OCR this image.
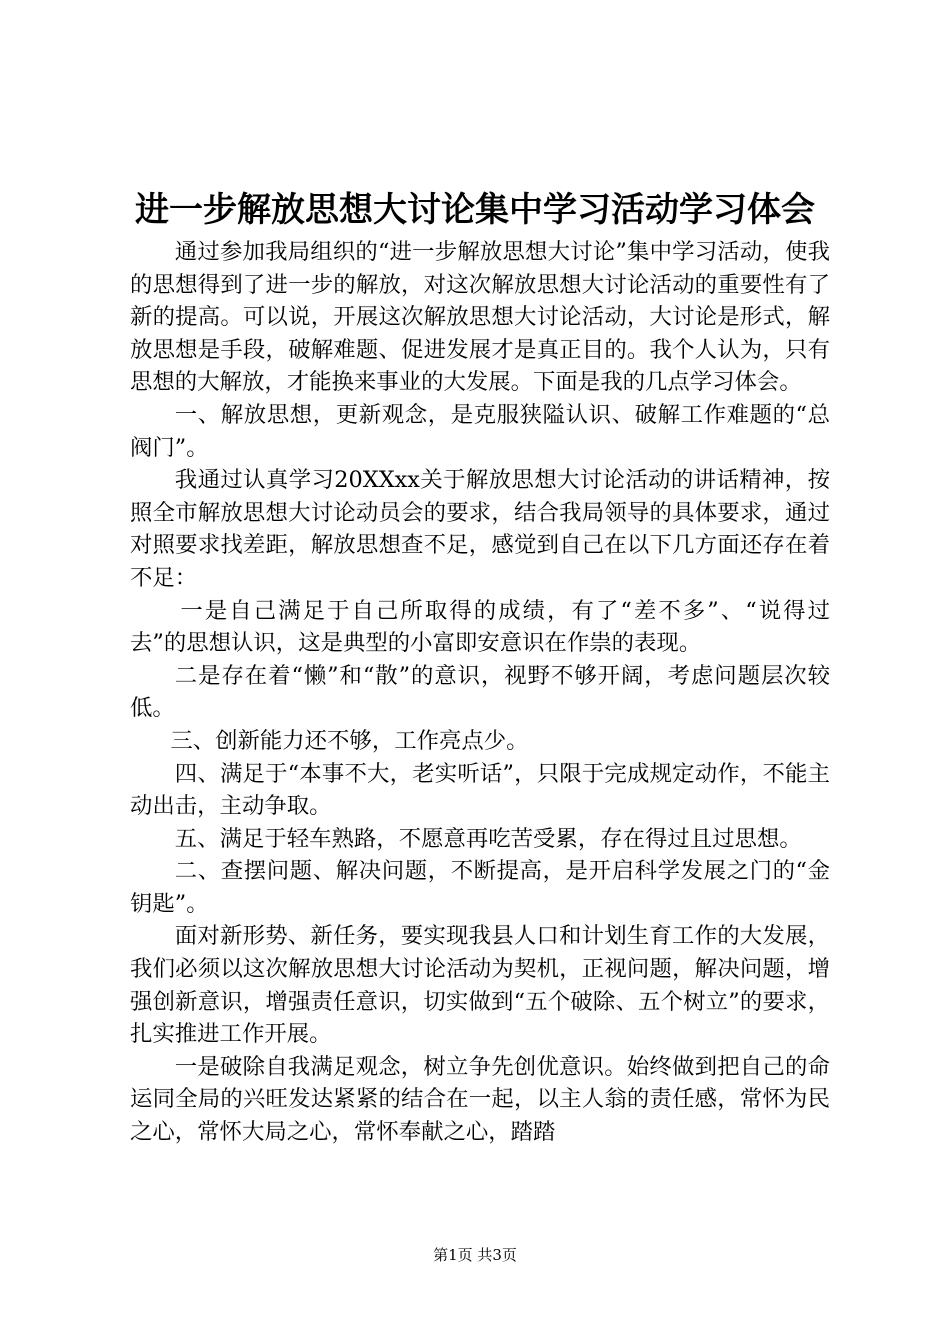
进一步解放思想大讨论集中学习活动学习体会

通过参加我局组织的“进一步解放思想大讨论”集中学习活动，使我的思想得到了进一步的解放，对这次解放思想大讨论活动的重要性有了新的提高。可以说，开展这次解放思想大讨论活动，大讨论是形式，解放思想是手段，破解难题、促进发展才是真正目的。我个人认为，只有思想的大解放，才能换来事业的大发展。下面是我的几点学习体会。

一、解放思想，更新观念，是克服狭隘认识、破解工作难题的“总阀门”。

我通过认真学习20XXxx关于解放思想大讨论活动的讲话精神，按照全市解放思想大讨论动员会的要求，结合我局领导的具体要求，通过对照要求找差距，解放思想查不足，感觉到自己在以下几方面还存在着不足：

一是自己满足于自己所取得的成绩，有了“差不多”、“说得过去”的思想认识，这是典型的小富即安意识在作祟的表现。

二是存在着“懒”和“散”的意识，视野不够开阔，考虑问题层次较低。

三、创新能力还不够，工作亮点少。

四、满足于“本事不大，老实听话”，只限于完成规定动作，不能主动出击，主动争取。

五、满足于轻车熟路，不愿意再吃苦受累，存在得过且过思想。

二、查摆问题、解决问题，不断提高，是开启科学发展之门的“金钥匙”。

面对新形势、新任务，要实现我县人口和计划生育工作的大发展，我们必须以这次解放思想大讨论活动为契机，正视问题，解决问题，增强创新意识，增强责任意识，切实做到“五个破除、五个树立”的要求，扎实推进工作开展。

一是破除自我满足观念，树立争先创优意识。始终做到把自己的命运同全局的兴旺发达紧紧的结合在一起，以主人翁的责任感，常怀为民之心，常怀大局之心，常怀奉献之心，踏踏

第1页 共3页
